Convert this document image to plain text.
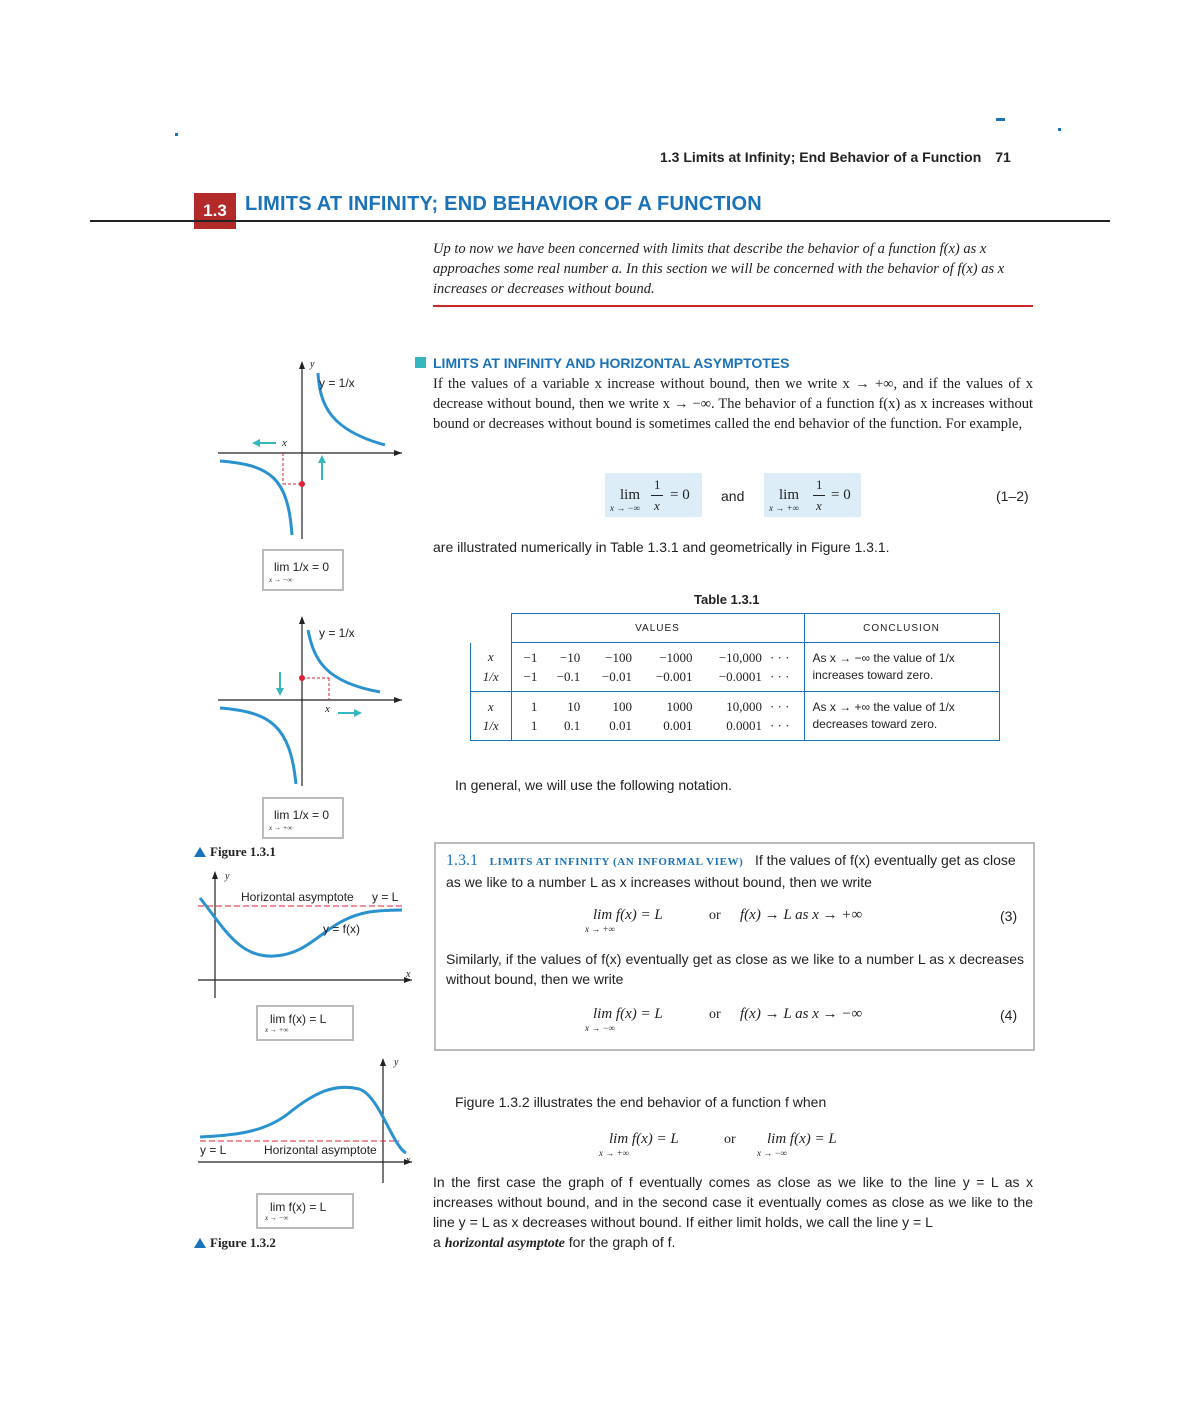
1.3 Limits at Infinity; End Behavior of a Function 71
1.3 LIMITS AT INFINITY; END BEHAVIOR OF A FUNCTION
Up to now we have been concerned with limits that describe the behavior of a function f(x) as x approaches some real number a. In this section we will be concerned with the behavior of f(x) as x increases or decreases without bound.
LIMITS AT INFINITY AND HORIZONTAL ASYMPTOTES
If the values of a variable x increase without bound, then we write x → +∞, and if the values of x decrease without bound, then we write x → −∞. The behavior of a function f(x) as x increases without bound or decreases without bound is sometimes called the end behavior of the function. For example,
lim
x → −∞
1
x
= 0 and lim
x → +∞
1
x
= 0	(1–2)
are illustrated numerically in Table 1.3.1 and geometrically in Figure 1.3.1.
Table 1.3.1
	VALUES						CONCLUSION
x	−1	−10	−100	−1000	−10,000	· · ·	As x → −∞ the value of 1/x
increases toward zero.

1/x	−1	−0.1	−0.01	−0.001	−0.0001	· · ·	
x	1	10	100	1000	10,000	· · ·	As x → +∞ the value of 1/x
decreases toward zero.

1/x	1	0.1	0.01	0.001	0.0001	· · ·	
In general, we will use the following notation.
1.3.1 LIMITS AT INFINITY (AN INFORMAL VIEW) If the values of f(x) eventually get as close as we like to a number L as x increases without bound, then we write
lim f(x) = L
x → +∞
or f(x) → L as x → +∞	(3)
Similarly, if the values of f(x) eventually get as close as we like to a number L as x decreases without bound, then we write
lim f(x) = L
x → −∞
or f(x) → L as x → −∞	(4)
Figure 1.3.2 illustrates the end behavior of a function f when
lim f(x) = L
x → +∞
or lim f(x) = L
x → −∞
In the first case the graph of f eventually comes as close as we like to the line y = L as x increases without bound, and in the second case it eventually comes as close as we like to the line y = L as x decreases without bound. If either limit holds, we call the line y = L
a horizontal asymptote for the graph of f.
x
y
y = 1/x
lim 1/x = 0
x → −∞
x
y = 1/x
lim 1/x = 0
x → +∞
Figure 1.3.1
y
x
Horizontal asymptote y = L
y = f(x)
lim f(x) = L
x → +∞
y
x
y = L	Horizontal asymptote
lim f(x) = L
x → −∞
Figure 1.3.2
